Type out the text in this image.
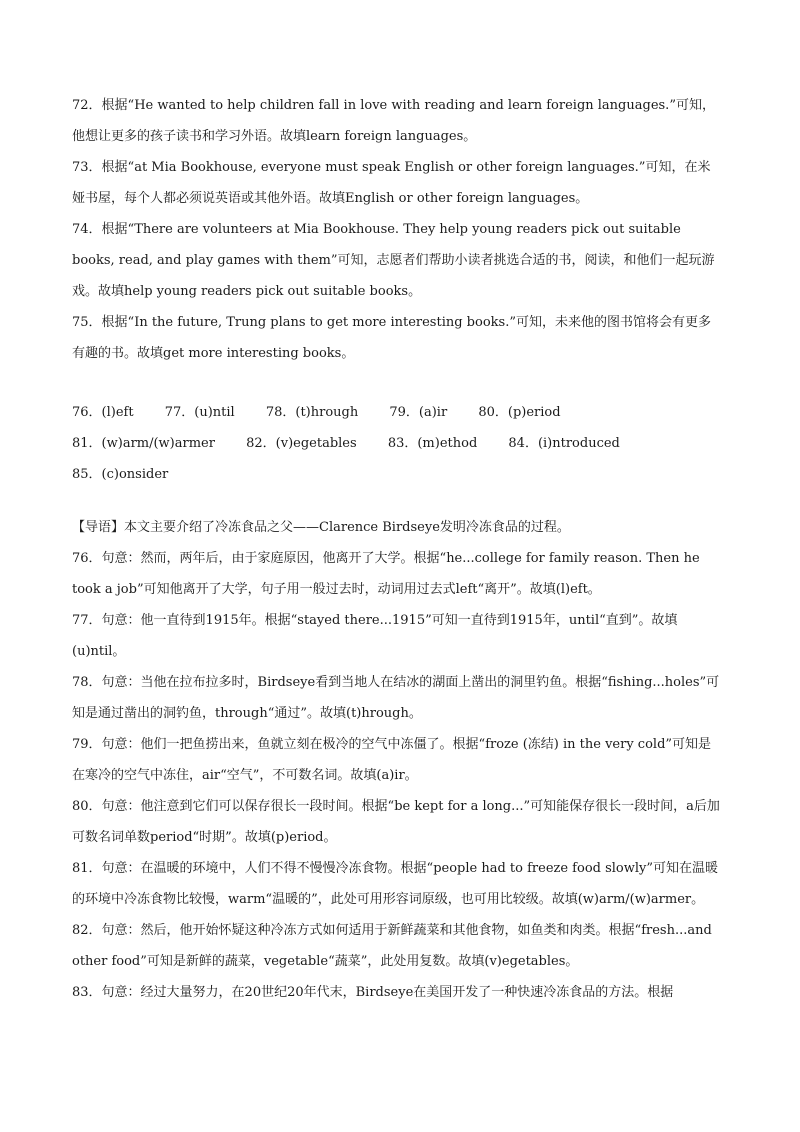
72．根据“He wanted to help children fall in love with reading and learn foreign languages.”可知，他想让更多的孩子读书和学习外语。故填learn foreign languages。

73．根据“at Mia Bookhouse, everyone must speak English or other foreign languages.”可知，在米娅书屋，每个人都必须说英语或其他外语。故填English or other foreign languages。

74．根据“There are volunteers at Mia Bookhouse. They help young readers pick out suitable books, read, and play games with them”可知，志愿者们帮助小读者挑选合适的书，阅读，和他们一起玩游戏。故填help young readers pick out suitable books。

75．根据“In the future, Trung plans to get more interesting books.”可知，未来他的图书馆将会有更多有趣的书。故填get more interesting books。

76．(l)eft 77．(u)ntil 78．(t)hrough 79．(a)ir 80．(p)eriod 81．(w)arm/(w)armer 82．(v)egetables 83．(m)ethod 84．(i)ntroduced 85．(c)onsider

【导语】本文主要介绍了冷冻食品之父——Clarence Birdseye发明冷冻食品的过程。

76．句意：然而，两年后，由于家庭原因，他离开了大学。根据“he...college for family reason. Then he took a job”可知他离开了大学，句子用一般过去时，动词用过去式left“离开”。故填(l)eft。

77．句意：他一直待到1915年。根据“stayed there...1915”可知一直待到1915年，until“直到”。故填(u)ntil。

78．句意：当他在拉布拉多时，Birdseye看到当地人在结冰的湖面上凿出的洞里钓鱼。根据“fishing...holes”可知是通过凿出的洞钓鱼，through“通过”。故填(t)hrough。

79．句意：他们一把鱼捞出来，鱼就立刻在极冷的空气中冻僵了。根据“froze (冻结) in the very cold”可知是在寒冷的空气中冻住，air“空气”，不可数名词。故填(a)ir。

80．句意：他注意到它们可以保存很长一段时间。根据“be kept for a long...”可知能保存很长一段时间，a后加可数名词单数period“时期”。故填(p)eriod。

81．句意：在温暖的环境中，人们不得不慢慢冷冻食物。根据“people had to freeze food slowly”可知在温暖的环境中冷冻食物比较慢，warm“温暖的”，此处可用形容词原级，也可用比较级。故填(w)arm/(w)armer。

82．句意：然后，他开始怀疑这种冷冻方式如何适用于新鲜蔬菜和其他食物，如鱼类和肉类。根据“fresh...and other food”可知是新鲜的蔬菜，vegetable“蔬菜”，此处用复数。故填(v)egetables。

83．句意：经过大量努力，在20世纪20年代末，Birdseye在美国开发了一种快速冷冻食品的方法。根据
